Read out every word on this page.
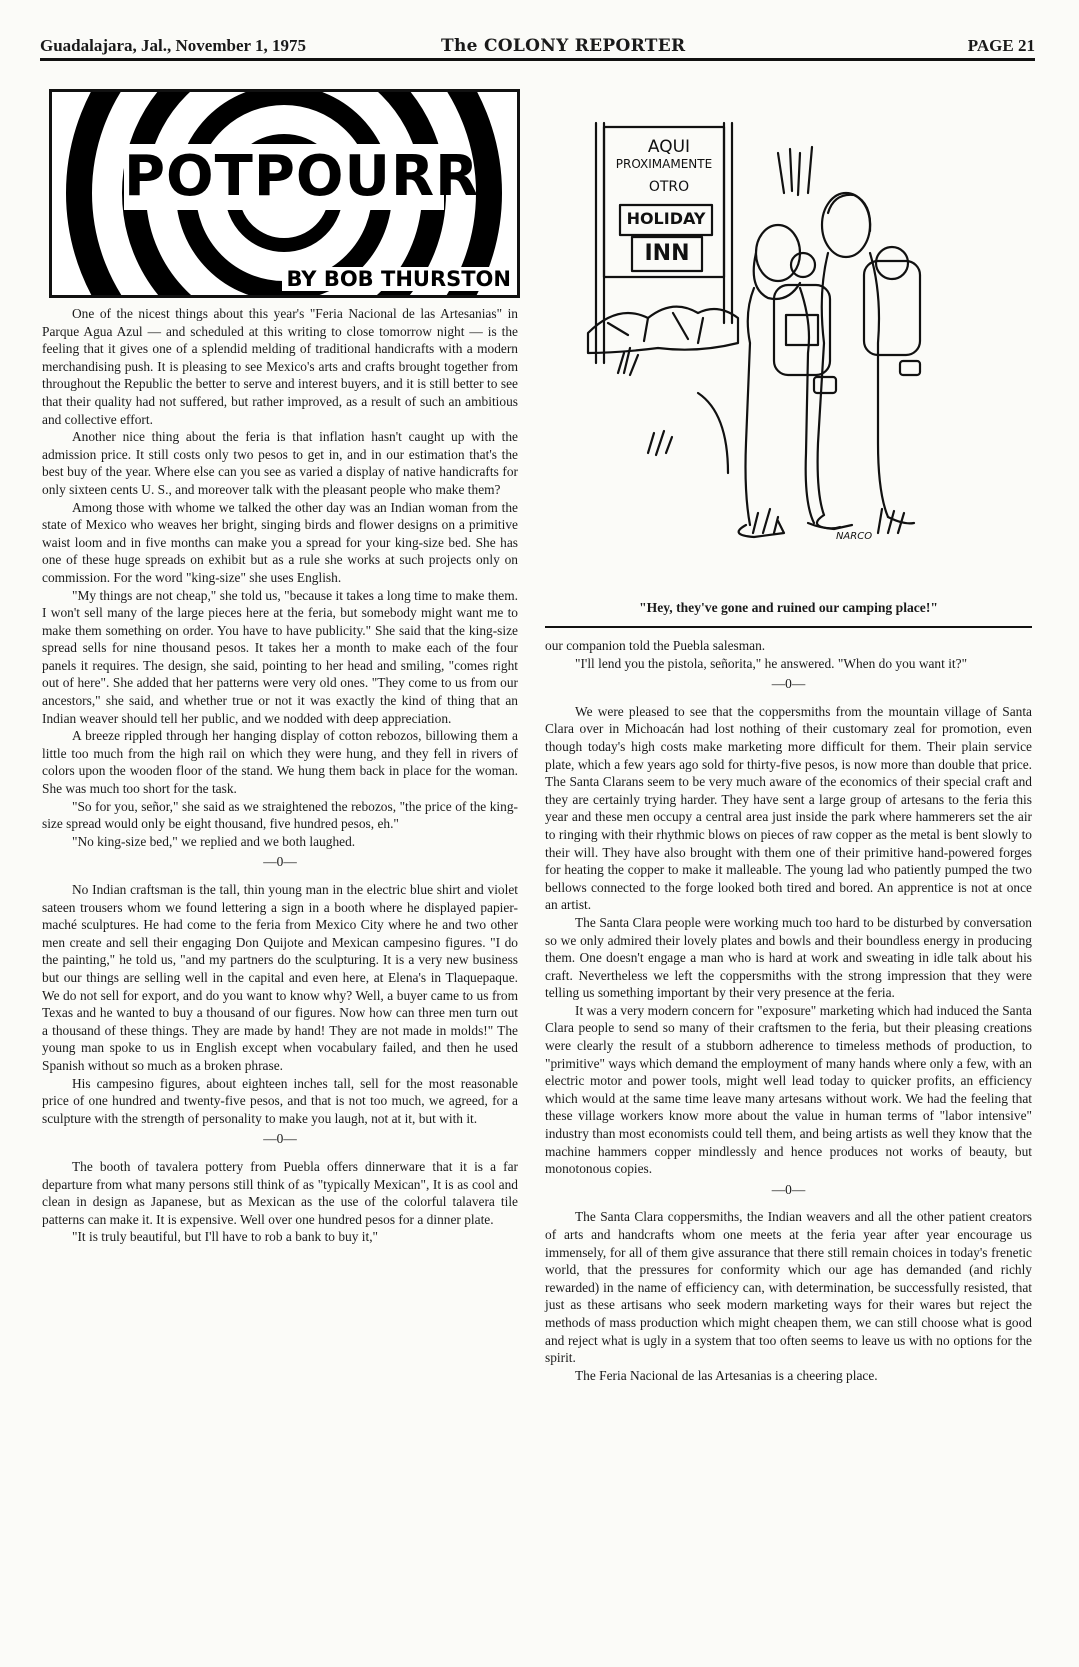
Guadalajara, Jal., November 1, 1975	The COLONY REPORTER	PAGE 21
POTPOURRI
BY BOB THURSTON
AQUI
PROXIMAMENTE
OTRO
HOLIDAY
INN
NARCO
"Hey, they've gone and ruined our camping place!"

One of the nicest things about this year's "Feria Nacional de las Artesanias" in Parque Agua Azul — and scheduled at this writing to close tomorrow night — is the feeling that it gives one of a splendid melding of traditional handicrafts with a modern merchandising push. It is pleasing to see Mexico's arts and crafts brought together from throughout the Republic the better to serve and interest buyers, and it is still better to see that their quality had not suffered, but rather improved, as a result of such an ambitious and collective effort.

Another nice thing about the feria is that inflation hasn't caught up with the admission price. It still costs only two pesos to get in, and in our estimation that's the best buy of the year. Where else can you see as varied a display of native handicrafts for only sixteen cents U. S., and moreover talk with the pleasant people who make them?

Among those with whome we talked the other day was an Indian woman from the state of Mexico who weaves her bright, singing birds and flower designs on a primitive waist loom and in five months can make you a spread for your king-size bed. She has one of these huge spreads on exhibit but as a rule she works at such projects only on commission. For the word "king-size" she uses English.

"My things are not cheap," she told us, "because it takes a long time to make them. I won't sell many of the large pieces here at the feria, but somebody might want me to make them something on order. You have to have publicity." She said that the king-size spread sells for nine thousand pesos. It takes her a month to make each of the four panels it requires. The design, she said, pointing to her head and smiling, "comes right out of here". She added that her patterns were very old ones. "They come to us from our ancestors," she said, and whether true or not it was exactly the kind of thing that an Indian weaver should tell her public, and we nodded with deep appreciation.

A breeze rippled through her hanging display of cotton rebozos, billowing them a little too much from the high rail on which they were hung, and they fell in rivers of colors upon the wooden floor of the stand. We hung them back in place for the woman. She was much too short for the task.

"So for you, señor," she said as we straightened the rebozos, "the price of the king-size spread would only be eight thousand, five hundred pesos, eh."

"No king-size bed," we replied and we both laughed.

—0—

No Indian craftsman is the tall, thin young man in the electric blue shirt and violet sateen trousers whom we found lettering a sign in a booth where he displayed papier-maché sculptures. He had come to the feria from Mexico City where he and two other men create and sell their engaging Don Quijote and Mexican campesino figures. "I do the painting," he told us, "and my partners do the sculpturing. It is a very new business but our things are selling well in the capital and even here, at Elena's in Tlaquepaque. We do not sell for export, and do you want to know why? Well, a buyer came to us from Texas and he wanted to buy a thousand of our figures. Now how can three men turn out a thousand of these things. They are made by hand! They are not made in molds!" The young man spoke to us in English except when vocabulary failed, and then he used Spanish without so much as a broken phrase.

His campesino figures, about eighteen inches tall, sell for the most reasonable price of one hundred and twenty-five pesos, and that is not too much, we agreed, for a sculpture with the strength of personality to make you laugh, not at it, but with it.

—0—

The booth of tavalera pottery from Puebla offers dinnerware that it is a far departure from what many persons still think of as "typically Mexican", It is as cool and clean in design as Japanese, but as Mexican as the use of the colorful talavera tile patterns can make it. It is expensive. Well over one hundred pesos for a dinner plate.

"It is truly beautiful, but I'll have to rob a bank to buy it,"

our companion told the Puebla salesman.

"I'll lend you the pistola, señorita," he answered. "When do you want it?"

—0—

We were pleased to see that the coppersmiths from the mountain village of Santa Clara over in Michoacán had lost nothing of their customary zeal for promotion, even though today's high costs make marketing more difficult for them. Their plain service plate, which a few years ago sold for thirty-five pesos, is now more than double that price. The Santa Clarans seem to be very much aware of the economics of their special craft and they are certainly trying harder. They have sent a large group of artesans to the feria this year and these men occupy a central area just inside the park where hammerers set the air to ringing with their rhythmic blows on pieces of raw copper as the metal is bent slowly to their will. They have also brought with them one of their primitive hand-powered forges for heating the copper to make it malleable. The young lad who patiently pumped the two bellows connected to the forge looked both tired and bored. An apprentice is not at once an artist.

The Santa Clara people were working much too hard to be disturbed by conversation so we only admired their lovely plates and bowls and their boundless energy in producing them. One doesn't engage a man who is hard at work and sweating in idle talk about his craft. Nevertheless we left the coppersmiths with the strong impression that they were telling us something important by their very presence at the feria.

It was a very modern concern for "exposure" marketing which had induced the Santa Clara people to send so many of their craftsmen to the feria, but their pleasing creations were clearly the result of a stubborn adherence to timeless methods of production, to "primitive" ways which demand the employment of many hands where only a few, with an electric motor and power tools, might well lead today to quicker profits, an efficiency which would at the same time leave many artesans without work. We had the feeling that these village workers know more about the value in human terms of "labor intensive" industry than most economists could tell them, and being artists as well they know that the machine hammers copper mindlessly and hence produces not works of beauty, but monotonous copies.

—0—

The Santa Clara coppersmiths, the Indian weavers and all the other patient creators of arts and handcrafts whom one meets at the feria year after year encourage us immensely, for all of them give assurance that there still remain choices in today's frenetic world, that the pressures for conformity which our age has demanded (and richly rewarded) in the name of efficiency can, with determination, be successfully resisted, that just as these artisans who seek modern marketing ways for their wares but reject the methods of mass production which might cheapen them, we can still choose what is good and reject what is ugly in a system that too often seems to leave us with no options for the spirit.

The Feria Nacional de las Artesanias is a cheering place.
